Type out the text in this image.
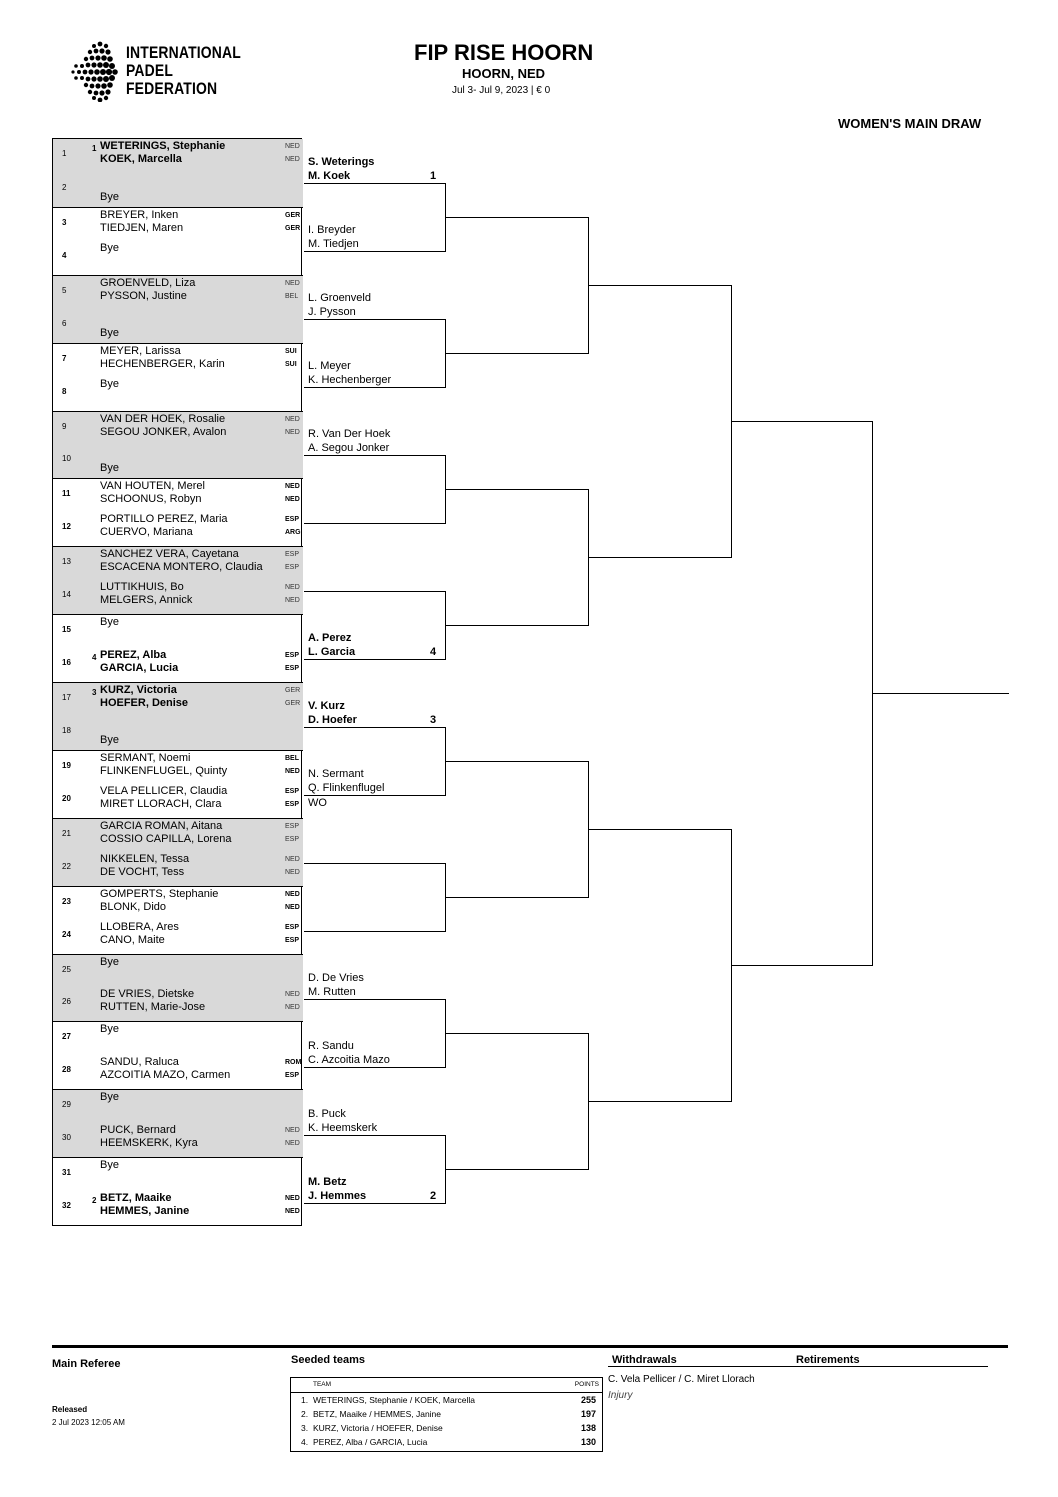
INTERNATIONAL
PADEL
FEDERATION
FIP RISE HOORN
HOORN, NED
Jul 3- Jul 9, 2023 | € 0
WOMEN'S MAIN DRAW
1
1 WETERINGS, Stephanie	NED
KOEK, Marcella	NED
2
Bye
3
BREYER, Inken	GER
TIEDJEN, Maren	GER
4
Bye
5
GROENVELD, Liza	NED
PYSSON, Justine	BEL
6
Bye
7
MEYER, Larissa	SUI
HECHENBERGER, Karin	SUI
8
Bye
9
VAN DER HOEK, Rosalie	NED
SEGOU JONKER, Avalon	NED
10
Bye
11
VAN HOUTEN, Merel	NED
SCHOONUS, Robyn	NED
12
PORTILLO PEREZ, Maria	ESP
CUERVO, Mariana	ARG
13
SANCHEZ VERA, Cayetana	ESP
ESCACENA MONTERO, Claudia	ESP
14
LUTTIKHUIS, Bo	NED
MELGERS, Annick	NED
15
Bye
16
4 PEREZ, Alba	ESP
GARCIA, Lucia	ESP
17
3 KURZ, Victoria	GER
HOEFER, Denise	GER
18
Bye
19
SERMANT, Noemi	BEL
FLINKENFLUGEL, Quinty	NED
20
VELA PELLICER, Claudia	ESP
MIRET LLORACH, Clara	ESP
21
GARCIA ROMAN, Aitana	ESP
COSSIO CAPILLA, Lorena	ESP
22
NIKKELEN, Tessa	NED
DE VOCHT, Tess	NED
23
GOMPERTS, Stephanie	NED
BLONK, Dido	NED
24
LLOBERA, Ares	ESP
CANO, Maite	ESP
25
Bye
26
DE VRIES, Dietske	NED
RUTTEN, Marie-Jose	NED
27
Bye
28
SANDU, Raluca	ROM
AZCOITIA MAZO, Carmen	ESP
29
Bye
30
PUCK, Bernard	NED
HEEMSKERK, Kyra	NED
31
Bye
32
2 BETZ, Maaike	NED
HEMMES, Janine	NED
S. Weterings
M. Koek	1
I. Breyder
M. Tiedjen
L. Groenveld
J. Pysson
L. Meyer
K. Hechenberger
R. Van Der Hoek
A. Segou Jonker
A. Perez
L. Garcia	4
V. Kurz
D. Hoefer	3
N. Sermant
Q. Flinkenflugel
WO
D. De Vries
M. Rutten
R. Sandu
C. Azcoitia Mazo
B. Puck
K. Heemskerk
M. Betz
J. Hemmes	2
Main Referee
Released
2 Jul 2023 12:05 AM
Seeded teams
TEAM	POINTS
1. WETERINGS, Stephanie / KOEK, Marcella	255
2. BETZ, Maaike / HEMMES, Janine	197
3. KURZ, Victoria / HOEFER, Denise	138
4. PEREZ, Alba / GARCIA, Lucia	130
Withdrawals	Retirements
C. Vela Pellicer / C. Miret Llorach
Injury
